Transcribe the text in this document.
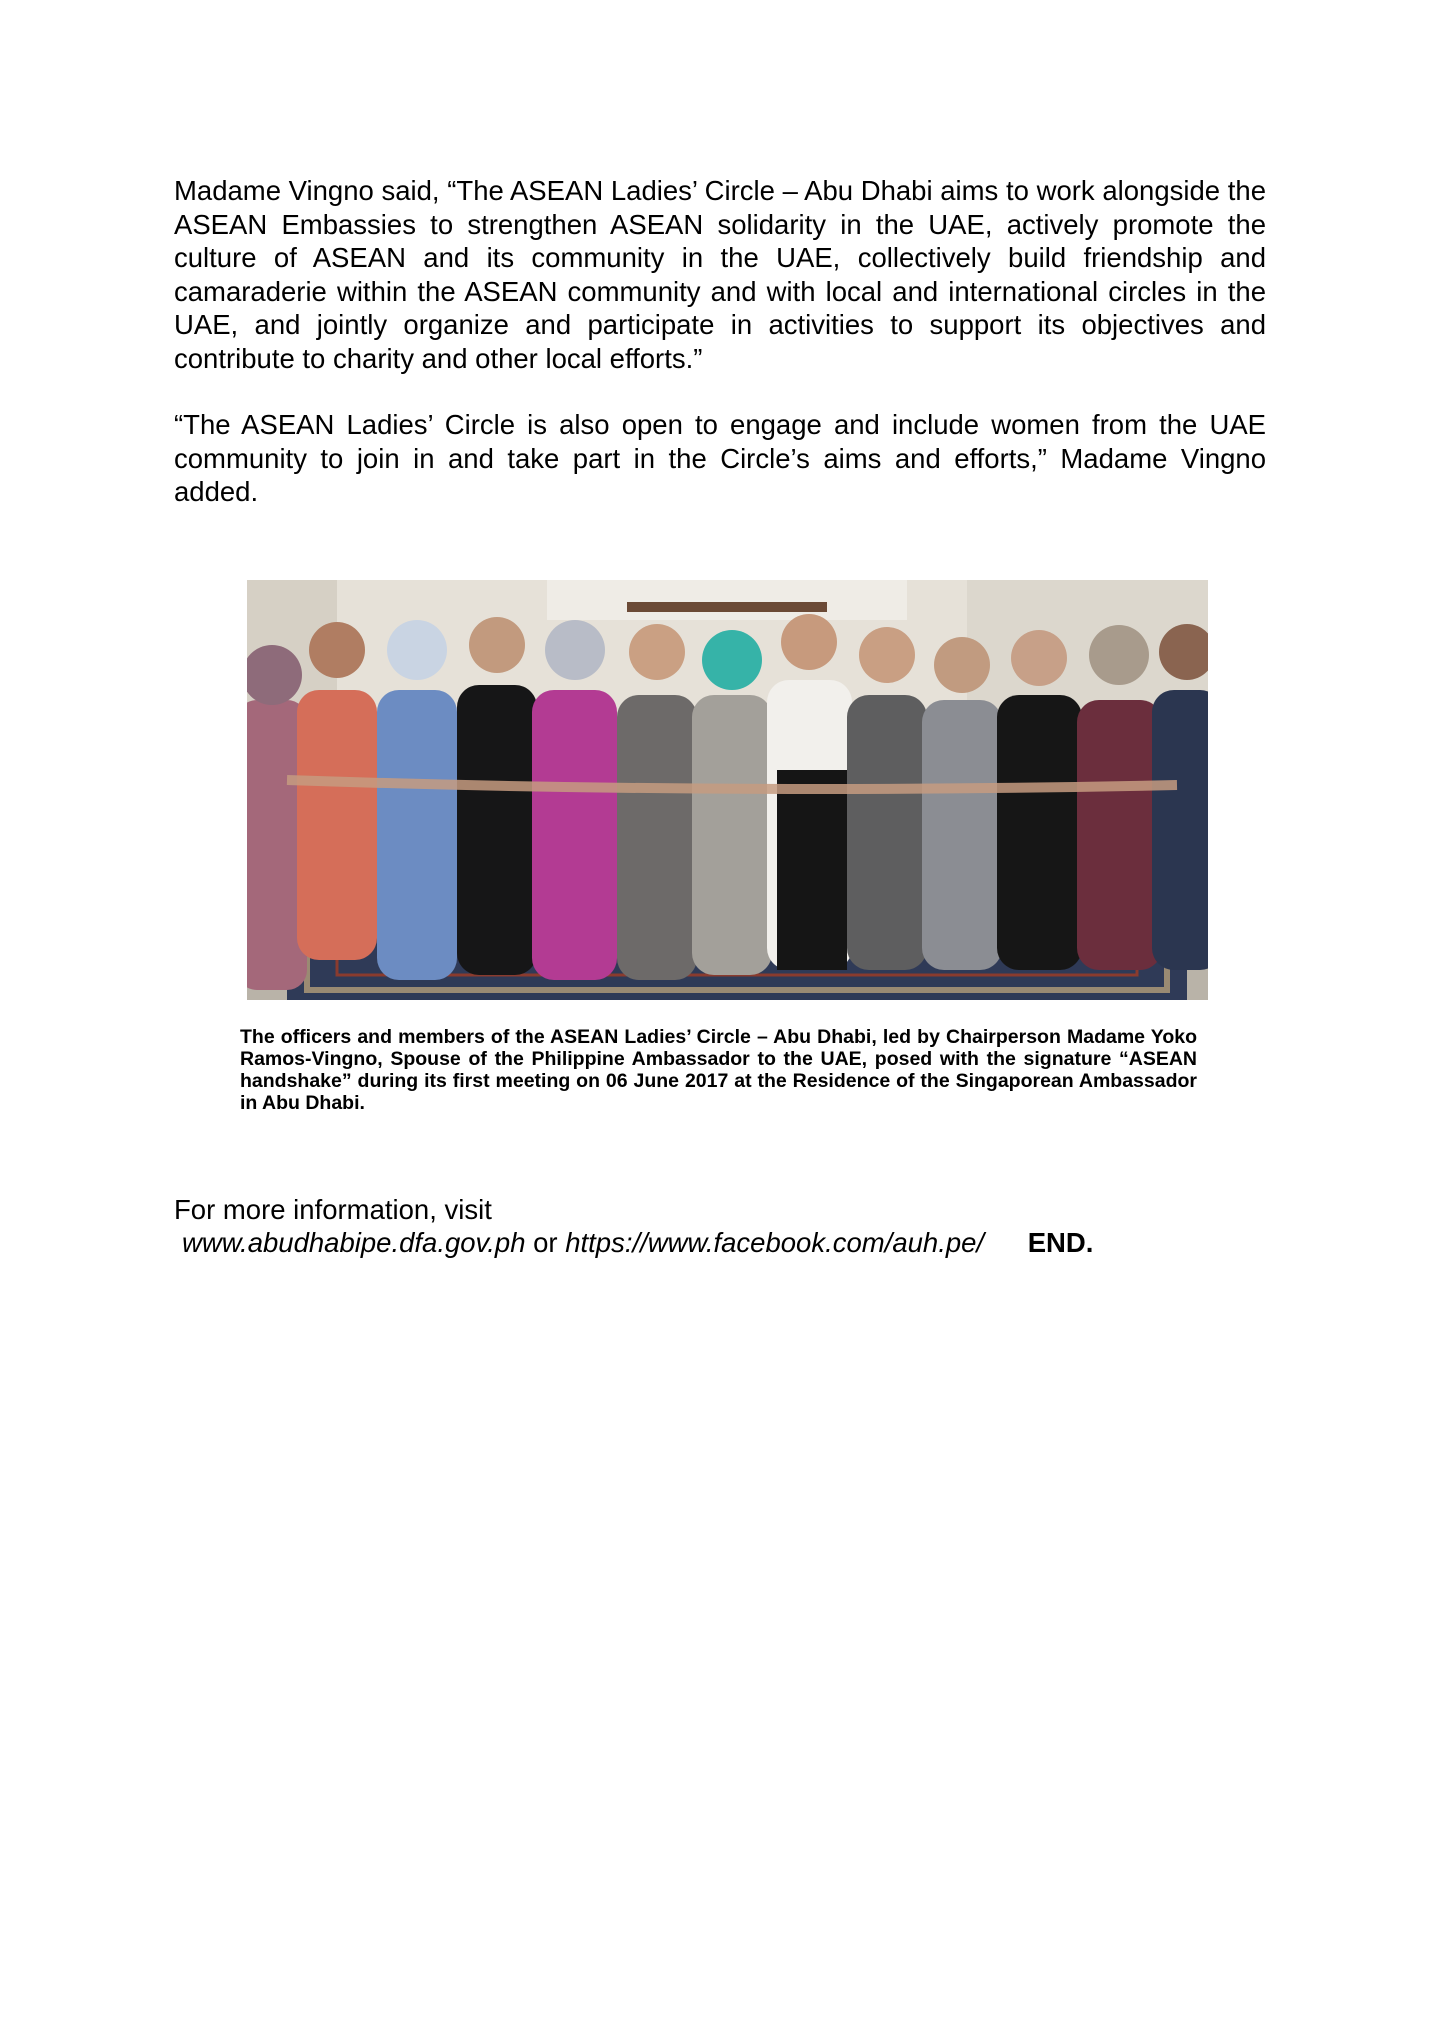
Madame Vingno said, “The ASEAN Ladies’ Circle – Abu Dhabi aims to work alongside the ASEAN Embassies to strengthen ASEAN solidarity in the UAE, actively promote the culture of ASEAN and its community in the UAE, collectively build friendship and camaraderie within the ASEAN community and with local and international circles in the UAE, and jointly organize and participate in activities to support its objectives and contribute to charity and other local efforts.”

“The ASEAN Ladies’ Circle is also open to engage and include women from the UAE community to join in and take part in the Circle’s aims and efforts,” Madame Vingno added.

The officers and members of the ASEAN Ladies’ Circle – Abu Dhabi, led by Chairperson Madame Yoko Ramos-Vingno, Spouse of the Philippine Ambassador to the UAE, posed with the signature “ASEAN handshake” during its first meeting on 06 June 2017 at the Residence of the Singaporean Ambassador in Abu Dhabi.

For more information, visit
www.abudhabipe.dfa.gov.ph or https://www.facebook.com/auh.pe/ END.
